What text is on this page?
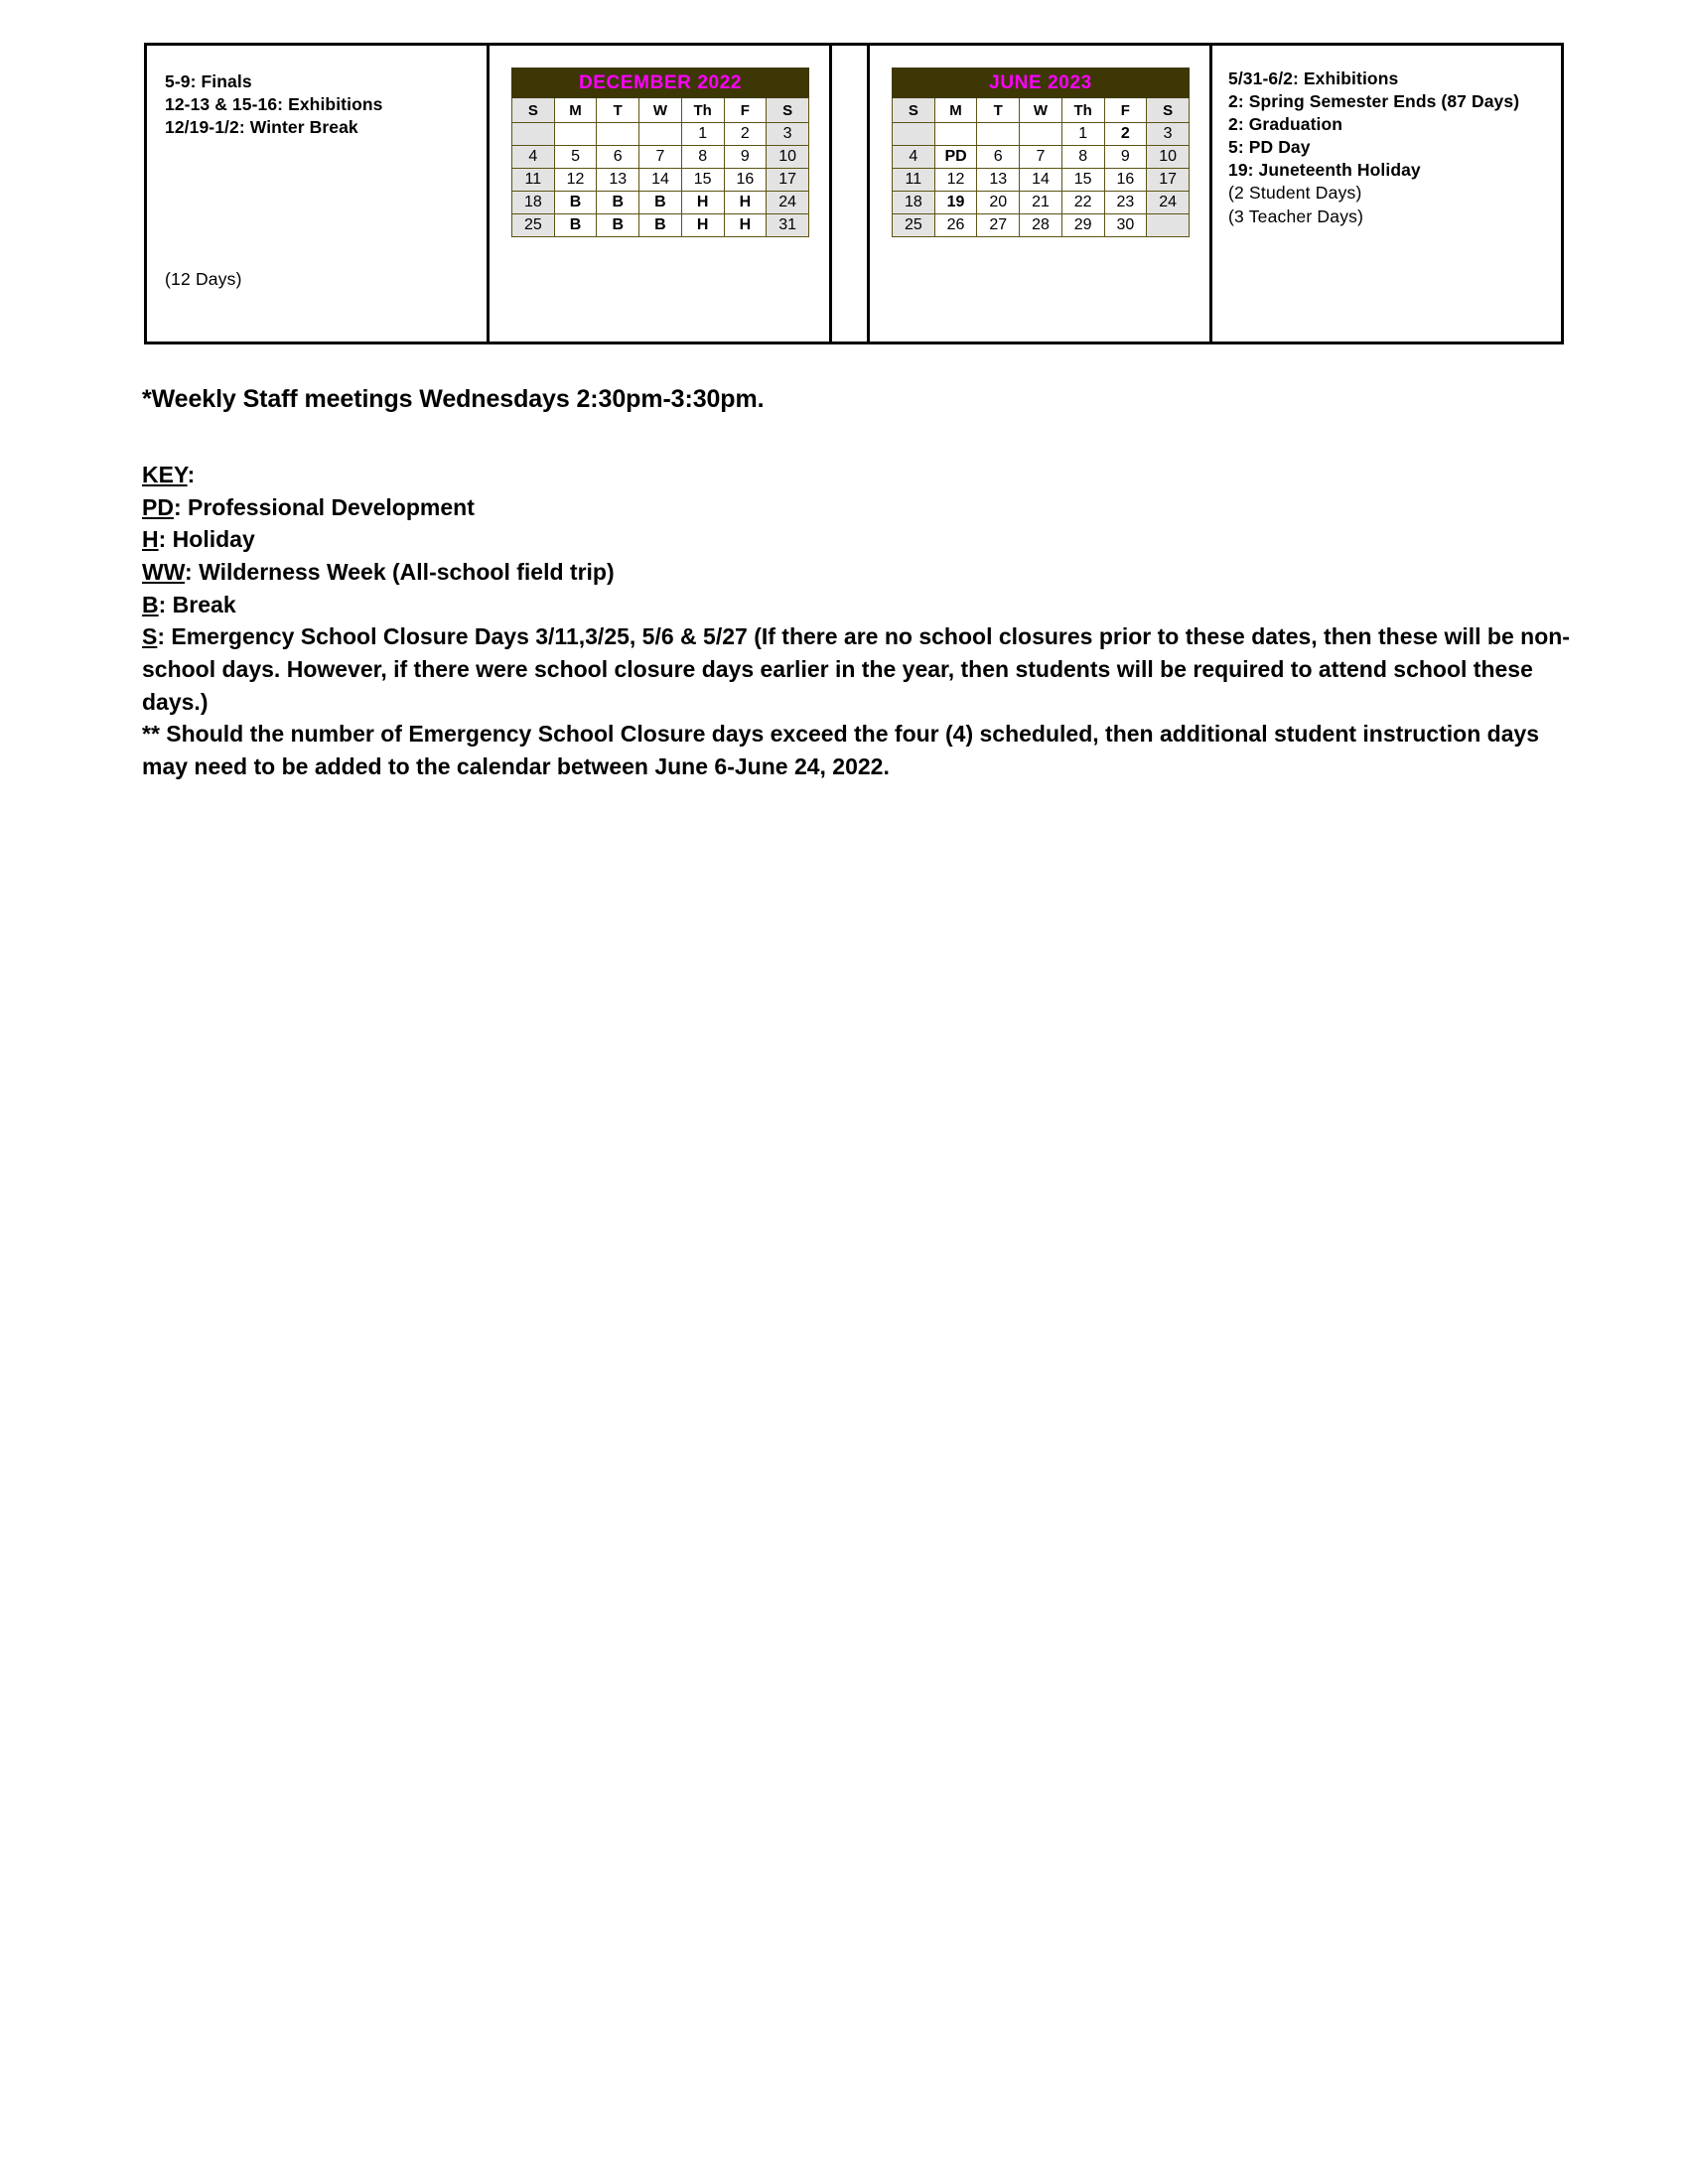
5-9: Finals
12-13 & 15-16: Exhibitions
12/19-1/2: Winter Break
(12 Days)
DECEMBER 2022						
S	M	T	W	Th	F	S
				1	2	3
4	5	6	7	8	9	10
11	12	13	14	15	16	17
18	B	B	B	H	H	24
25	B	B	B	H	H	31
JUNE 2023						
S	M	T	W	Th	F	S
				1	2	3
4	PD	6	7	8	9	10
11	12	13	14	15	16	17
18	19	20	21	22	23	24
25	26	27	28	29	30	
5/31-6/2: Exhibitions
2: Spring Semester Ends (87 Days)
2: Graduation
5: PD Day
19: Juneteenth Holiday
(2 Student Days)
(3 Teacher Days)
*Weekly Staff meetings Wednesdays 2:30pm-3:30pm.

KEY:

PD: Professional Development

H: Holiday

WW: Wilderness Week (All-school field trip)

B: Break

S: Emergency School Closure Days 3/11,3/25, 5/6 & 5/27 (If there are no school closures prior to these dates, then these will be non-school days. However, if there were school closure days earlier in the year, then students will be required to attend school these days.)

** Should the number of Emergency School Closure days exceed the four (4) scheduled, then additional student instruction days may need to be added to the calendar between June 6-June 24, 2022.
